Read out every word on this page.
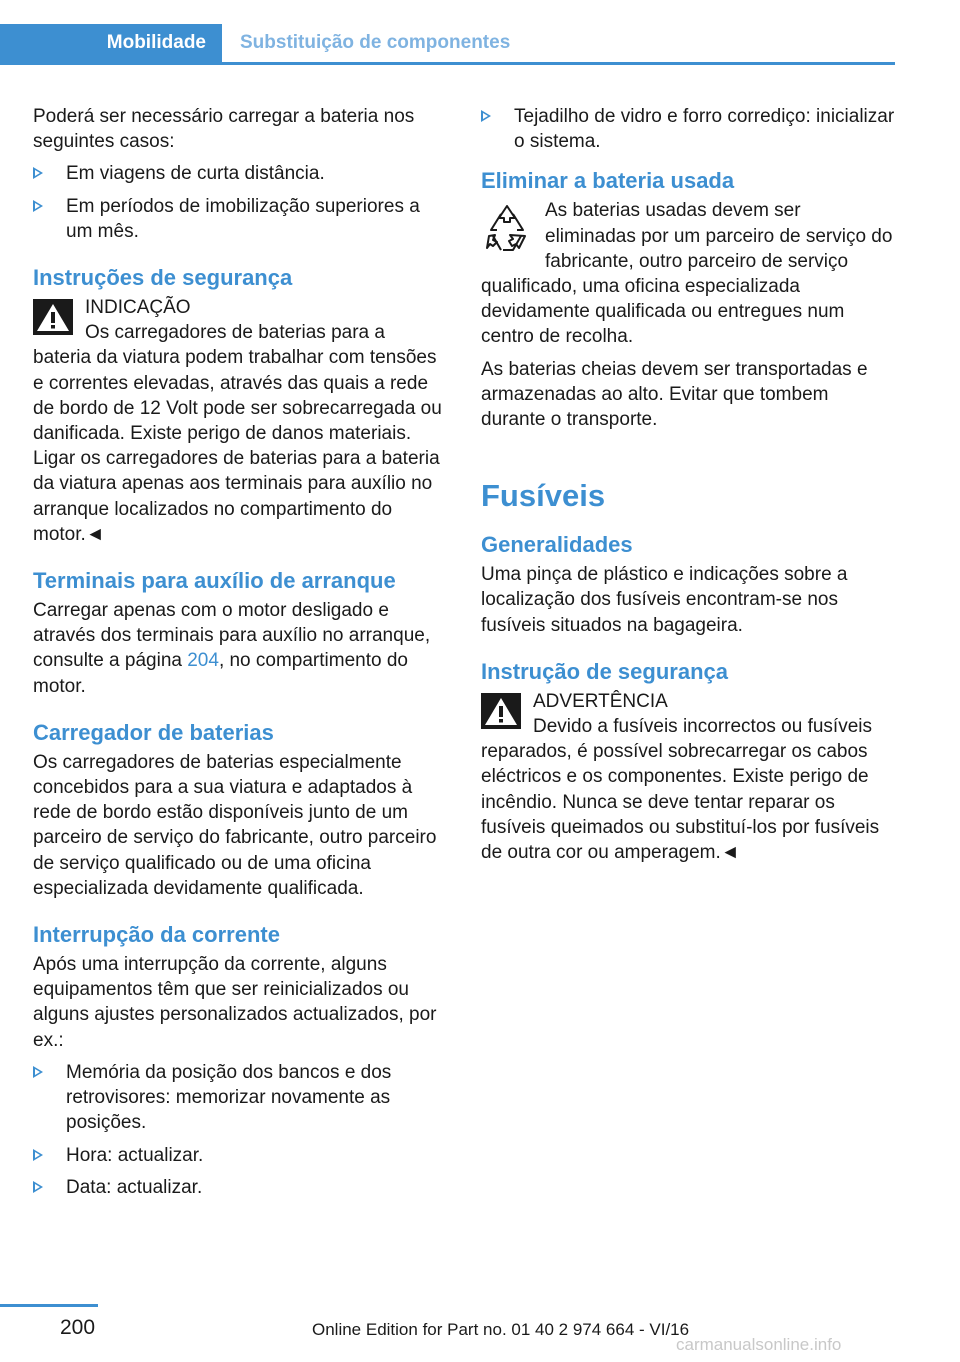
Mobilidade	Substituição de componentes

Poderá ser necessário carregar a bateria nos seguintes casos:

Em viagens de curta distância.
Em períodos de imobilização superiores a um mês.
Instruções de segurança
INDICAÇÃO
Os carregadores de baterias para a bateria da viatura podem trabalhar com tensões e correntes elevadas, através das quais a rede de bordo de 12 Volt pode ser sobrecarregada ou danificada. Existe perigo de danos materiais. Ligar os carregadores de baterias para a bateria da viatura apenas aos terminais para auxílio no arranque localizados no compartimento do motor.◄
Terminais para auxílio de arranque

Carregar apenas com o motor desligado e através dos terminais para auxílio no arranque, consulte a página 204, no compartimento do motor.

Carregador de baterias

Os carregadores de baterias especialmente concebidos para a sua viatura e adaptados à rede de bordo estão disponíveis junto de um parceiro de serviço do fabricante, outro parceiro de serviço qualificado ou de uma oficina especializada devidamente qualificada.

Interrupção da corrente

Após uma interrupção da corrente, alguns equipamentos têm que ser reinicializados ou alguns ajustes personalizados actualizados, por ex.:

Memória da posição dos bancos e dos retrovisores: memorizar novamente as posições.
Hora: actualizar.
Data: actualizar.
Tejadilho de vidro e forro corrediço: inicializar o sistema.
Eliminar a bateria usada
As baterias usadas devem ser eliminadas por um parceiro de serviço do fabricante, outro parceiro de serviço qualificado, uma oficina especializada devidamente qualificada ou entregues num centro de recolha.

As baterias cheias devem ser transportadas e armazenadas ao alto. Evitar que tombem durante o transporte.

Fusíveis
Generalidades

Uma pinça de plástico e indicações sobre a localização dos fusíveis encontram-se nos fusíveis situados na bagageira.

Instrução de segurança
ADVERTÊNCIA
Devido a fusíveis incorrectos ou fusíveis reparados, é possível sobrecarregar os cabos eléctricos e os componentes. Existe perigo de incêndio. Nunca se deve tentar reparar os fusíveis queimados ou substituí-los por fusíveis de outra cor ou amperagem.◄
200	Online Edition for Part no. 01 40 2 974 664 - VI/16
carmanualsonline.info
